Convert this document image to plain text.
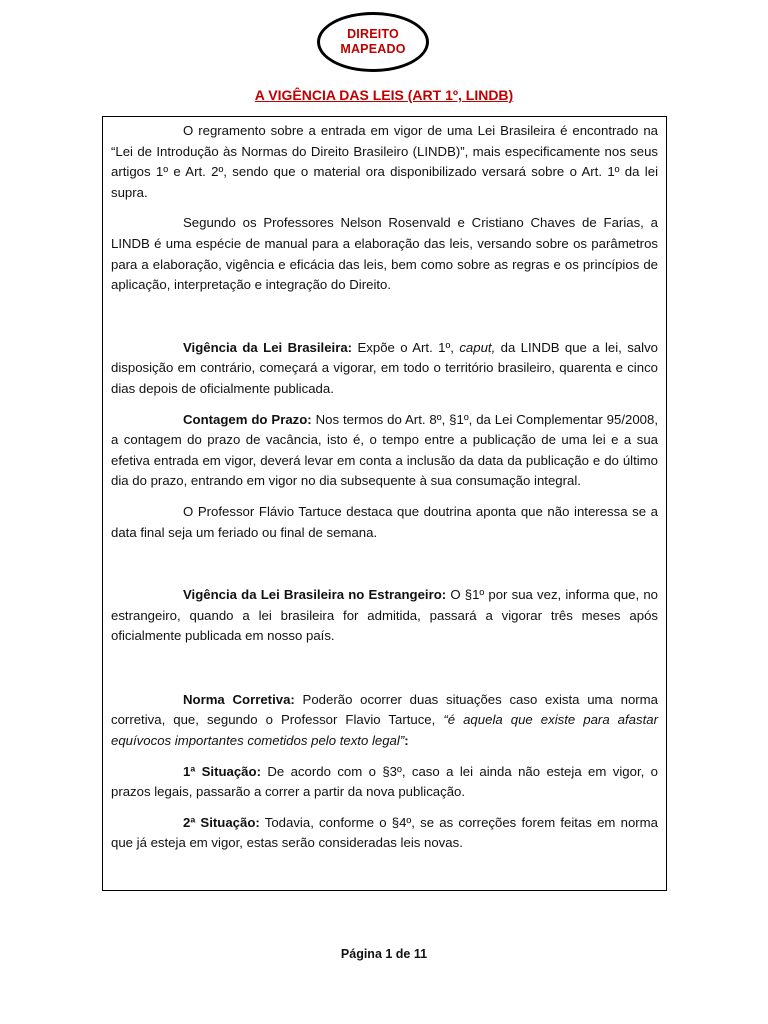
DIREITO
MAPEADO
A VIGÊNCIA DAS LEIS (ART 1º, LINDB)

O regramento sobre a entrada em vigor de uma Lei Brasileira é encontrado na “Lei de Introdução às Normas do Direito Brasileiro (LINDB)”, mais especificamente nos seus artigos 1º e Art. 2º, sendo que o material ora disponibilizado versará sobre o Art. 1º da lei supra.

Segundo os Professores Nelson Rosenvald e Cristiano Chaves de Farias, a LINDB é uma espécie de manual para a elaboração das leis, versando sobre os parâmetros para a elaboração, vigência e eficácia das leis, bem como sobre as regras e os princípios de aplicação, interpretação e integração do Direito.

Vigência da Lei Brasileira: Expõe o Art. 1º, caput, da LINDB que a lei, salvo disposição em contrário, começará a vigorar, em todo o território brasileiro, quarenta e cinco dias depois de oficialmente publicada.

Contagem do Prazo: Nos termos do Art. 8º, §1º, da Lei Complementar 95/2008, a contagem do prazo de vacância, isto é, o tempo entre a publicação de uma lei e a sua efetiva entrada em vigor, deverá levar em conta a inclusão da data da publicação e do último dia do prazo, entrando em vigor no dia subsequente à sua consumação integral.

O Professor Flávio Tartuce destaca que doutrina aponta que não interessa se a data final seja um feriado ou final de semana.

Vigência da Lei Brasileira no Estrangeiro: O §1º por sua vez, informa que, no estrangeiro, quando a lei brasileira for admitida, passará a vigorar três meses após oficialmente publicada em nosso país.

Norma Corretiva: Poderão ocorrer duas situações caso exista uma norma corretiva, que, segundo o Professor Flavio Tartuce, “é aquela que existe para afastar equívocos importantes cometidos pelo texto legal”:

1ª Situação: De acordo com o §3º, caso a lei ainda não esteja em vigor, o prazos legais, passarão a correr a partir da nova publicação.

2ª Situação: Todavia, conforme o §4º, se as correções forem feitas em norma que já esteja em vigor, estas serão consideradas leis novas.

Página 1 de 11
